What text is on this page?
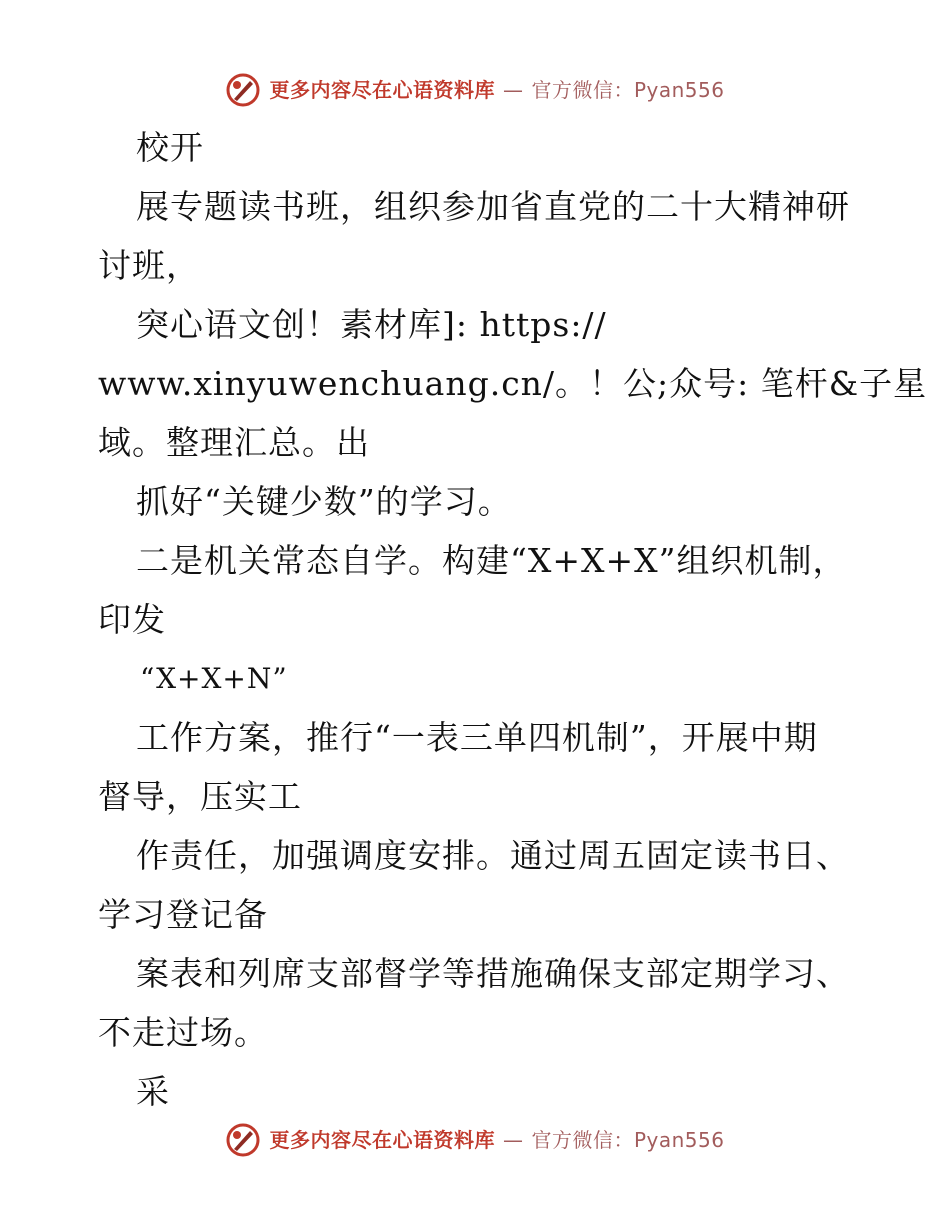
更多内容尽在心语资料库 — 官方微信：Pyan556
校开
展专题读书班，组织参加省直党的二十大精神研
讨班，
突心语文创！素材库]: https://
www.xinyuwenchuang.cn/。！公;众号: 笔杆&子星
域。整理汇总。出
抓好“关键少数”的学习。
二是机关常态自学。构建“X+X+X”组织机制，
印发
“X+X+N”
工作方案，推行“一表三单四机制”，开展中期
督导，压实工
作责任，加强调度安排。通过周五固定读书日、
学习登记备
案表和列席支部督学等措施确保支部定期学习、
不走过场。
采
更多内容尽在心语资料库 — 官方微信：Pyan556
